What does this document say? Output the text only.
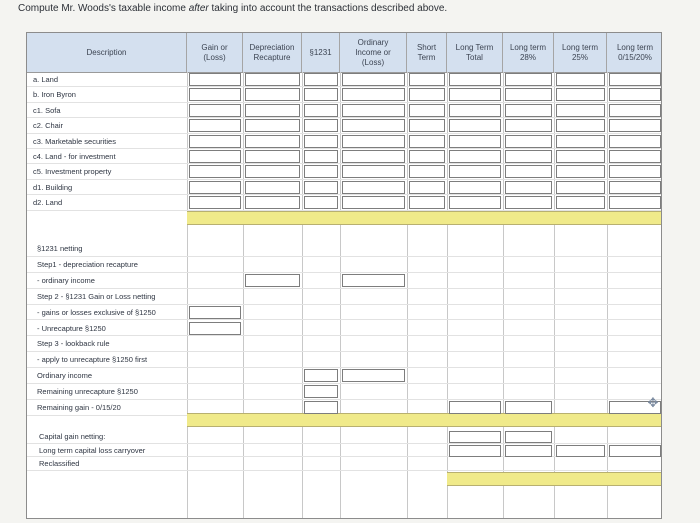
Compute Mr. Woods's taxable income after taking into account the transactions described above.
Description
Gain or
(Loss)
Depreciation
Recapture
§1231
Ordinary
Income or
(Loss)
Short
Term
Long Term
Total
Long term
28%
Long term
25%
Long term
0/15/20%
a. Land
b. Iron Byron
c1. Sofa
c2. Chair
c3. Marketable securities
c4. Land - for investment
c5. Investment property
d1. Building
d2. Land
§1231 netting
Step1 - depreciation recapture
- ordinary income
Step 2 - §1231 Gain or Loss netting
- gains or losses exclusive of §1250
- Unrecapture §1250
Step 3 - lookback rule
- apply to unrecapture §1250 first
Ordinary income
Remaining unrecapture §1250
Remaining gain - 0/15/20
Capital gain netting:
Long term capital loss carryover
Reclassified
✥
